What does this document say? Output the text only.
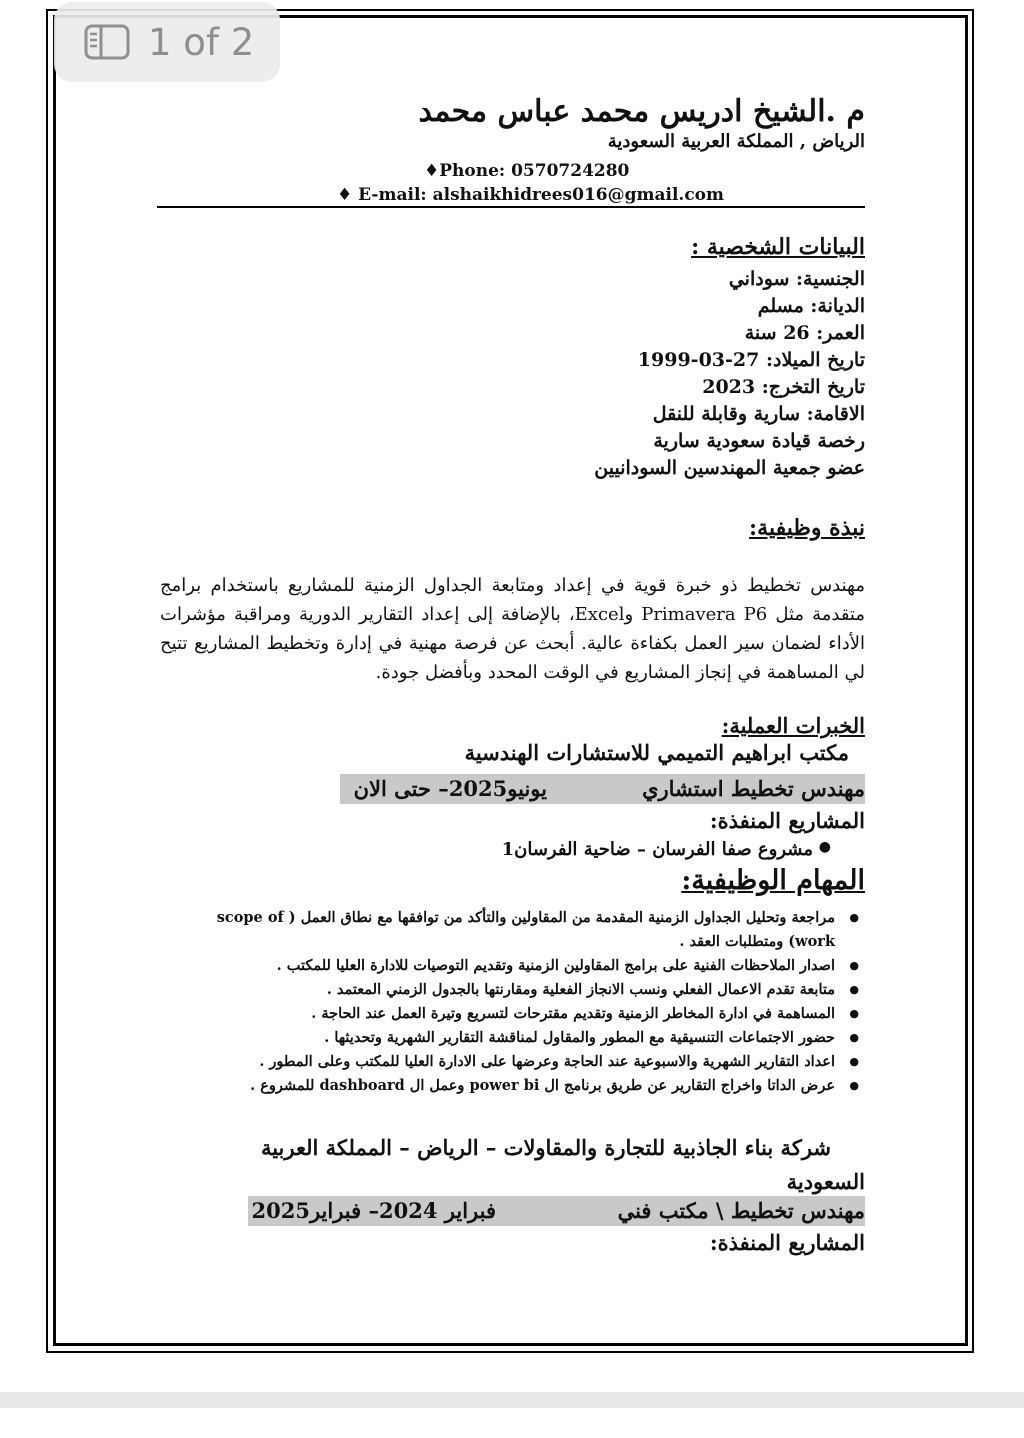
م .الشيخ ادريس محمد عباس محمد
الرياض , المملكة العربية السعودية
♦Phone: 0570724280
♦ E-mail: alshaikhidrees016@gmail.com
البيانات الشخصية :
الجنسية: سوداني
الديانة: مسلم
العمر: 26 سنة
تاريخ الميلاد: 27-03-1999
تاريخ التخرج: 2023
الاقامة: سارية وقابلة للنقل
رخصة قيادة سعودية سارية
عضو جمعية المهندسين السودانيين
نبذة وظيفية:
مهندس تخطيط ذو خبرة قوية في إعداد ومتابعة الجداول الزمنية للمشاريع باستخدام برامج متقدمة مثل Primavera P6 وExcel، بالإضافة إلى إعداد التقارير الدورية ومراقبة مؤشرات الأداء لضمان سير العمل بكفاءة عالية. أبحث عن فرصة مهنية في إدارة وتخطيط المشاريع تتيح لي المساهمة في إنجاز المشاريع في الوقت المحدد وبأفضل جودة.
الخبرات العملية:
مكتب ابراهيم التميمي للاستشارات الهندسية
مهندس تخطيط استشاري
يونيو2025– حتى الان
المشاريع المنفذة:
●
مشروع صفا الفرسان – ضاحية الفرسان1
المهام الوظيفية:
●
مراجعة وتحليل الجداول الزمنية المقدمة من المقاولين والتأكد من توافقها مع نطاق العمل ( scope of work) ومتطلبات العقد .
●
اصدار الملاحظات الفنية على برامج المقاولين الزمنية وتقديم التوصيات للادارة العليا للمكتب .
●
متابعة تقدم الاعمال الفعلي ونسب الانجاز الفعلية ومقارنتها بالجدول الزمني المعتمد .
●
المساهمة في ادارة المخاطر الزمنية وتقديم مقترحات لتسريع وتيرة العمل عند الحاجة .
●
حضور الاجتماعات التنسيقية مع المطور والمقاول لمناقشة التقارير الشهرية وتحديثها .
●
اعداد التقارير الشهرية والاسبوعية عند الحاجة وعرضها على الادارة العليا للمكتب وعلى المطور .
●
عرض الداتا واخراج التقارير عن طريق برنامج ال power bi وعمل ال dashboard للمشروع .
شركة بناء الجاذبية للتجارة والمقاولات – الرياض – المملكة العربية السعودية
مهندس تخطيط \ مكتب فني
فبراير 2024– فبراير2025
المشاريع المنفذة:
1 of 2
